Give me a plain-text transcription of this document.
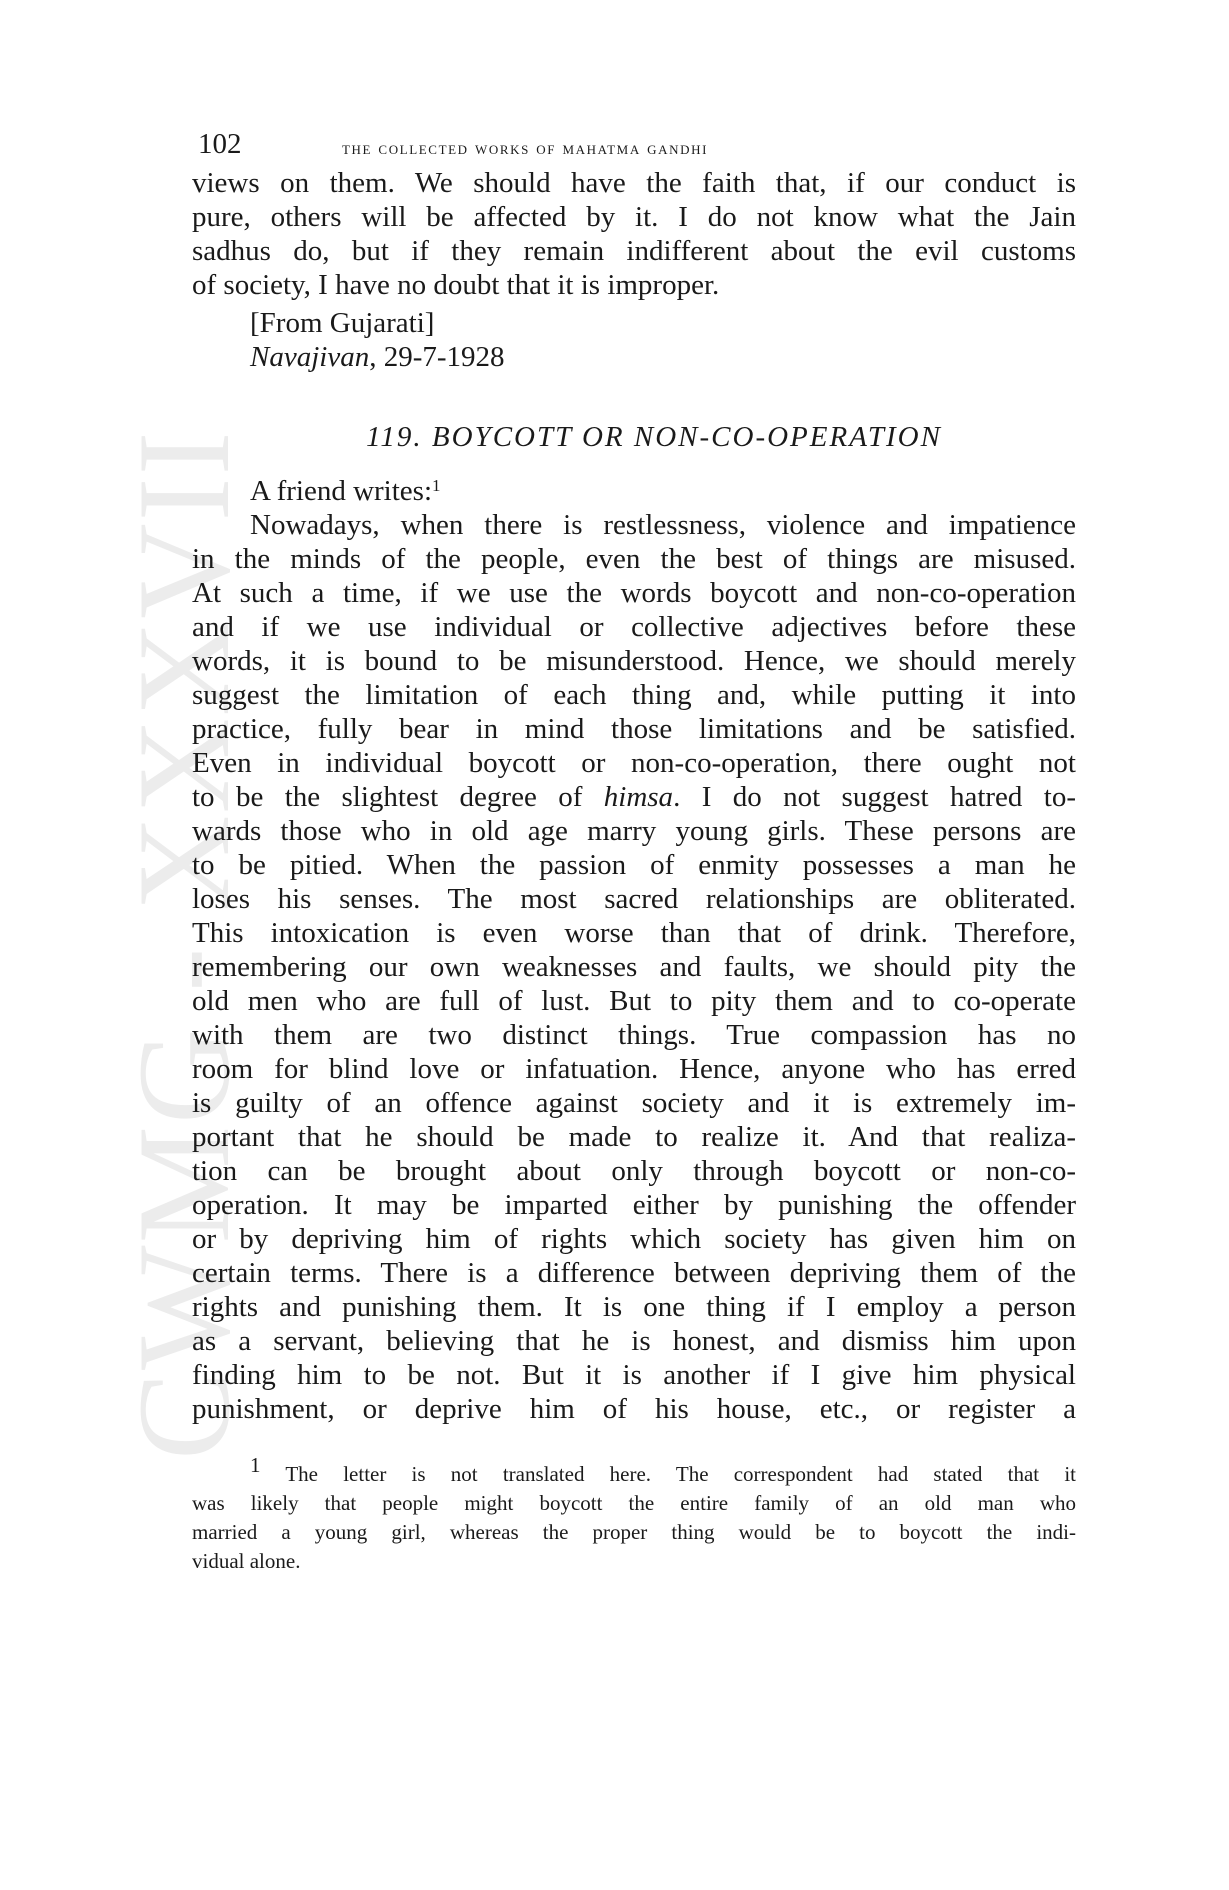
CWMG - XXXVII
102	the collected works of mahatma gandhi
views on them. We should have the faith that, if our conduct is
pure, others will be affected by it. I do not know what the Jain
sadhus do, but if they remain indifferent about the evil customs
of society, I have no doubt that it is improper.
[From Gujarati]
Navajivan, 29-7-1928
119. BOYCOTT OR NON-CO-OPERATION
A friend writes:$^1$
Nowadays, when there is restlessness, violence and impatience
in the minds of the people, even the best of things are misused.
At such a time, if we use the words boycott and non-co-operation
and if we use individual or collective adjectives before these
words, it is bound to be misunderstood. Hence, we should merely
suggest the limitation of each thing and, while putting it into
practice, fully bear in mind those limitations and be satisfied.
Even in individual boycott or non-co-operation, there ought not
to be the slightest degree of himsa. I do not suggest hatred to-
wards those who in old age marry young girls. These persons are
to be pitied. When the passion of enmity possesses a man he
loses his senses. The most sacred relationships are obliterated.
This intoxication is even worse than that of drink. Therefore,
remembering our own weaknesses and faults, we should pity the
old men who are full of lust. But to pity them and to co-operate
with them are two distinct things. True compassion has no
room for blind love or infatuation. Hence, anyone who has erred
is guilty of an offence against society and it is extremely im-
portant that he should be made to realize it. And that realiza-
tion can be brought about only through boycott or non-co-
operation. It may be imparted either by punishing the offender
or by depriving him of rights which society has given him on
certain terms. There is a difference between depriving them of the
rights and punishing them. It is one thing if I employ a person
as a servant, believing that he is honest, and dismiss him upon
finding him to be not. But it is another if I give him physical
punishment, or deprive him of his house, etc., or register a
$^1$ The letter is not translated here. The correspondent had stated that it
was likely that people might boycott the entire family of an old man who
married a young girl, whereas the proper thing would be to boycott the indi-
vidual alone.
